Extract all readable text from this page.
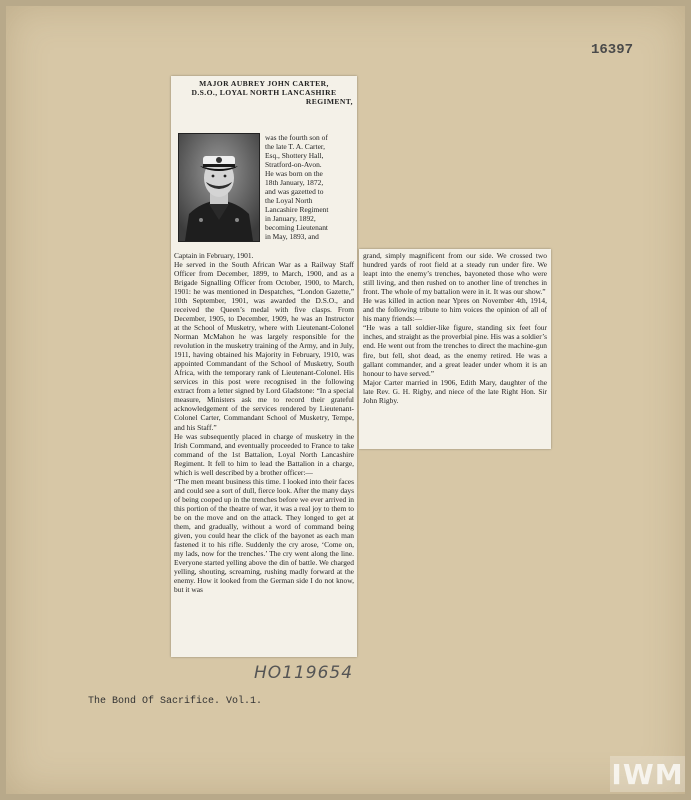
16397
MAJOR AUBREY JOHN CARTER,
D.S.O., LOYAL NORTH LANCASHIRE
REGIMENT,
was the fourth son of
the late T. A. Carter,
Esq., Shottery Hall,
Stratford-on-Avon.
He was born on the
18th January, 1872,
and was gazetted to
the Loyal North
Lancashire Regiment
in January, 1892,
becoming Lieutenant
in May, 1893, and

Captain in February, 1901.
He served in the South African War as a Railway Staff Officer from December, 1899, to March, 1900, and as a Brigade Signalling Officer from October, 1900, to March, 1901: he was mentioned in Despatches, “London Gazette,” 10th September, 1901, was awarded the D.S.O., and received the Queen’s medal with five clasps. From December, 1905, to December, 1909, he was an Instructor at the School of Musketry, where with Lieutenant-Colonel Norman McMahon he was largely responsible for the revolution in the musketry training of the Army, and in July, 1911, having obtained his Majority in February, 1910, was appointed Commandant of the School of Musketry, South Africa, with the temporary rank of Lieutenant-Colonel. His services in this post were recognised in the following extract from a letter signed by Lord Gladstone: “In a special measure, Ministers ask me to record their grateful acknowledgement of the services rendered by Lieutenant-Colonel Carter, Commandant School of Musketry, Tempe, and his Staff.”
He was subsequently placed in charge of musketry in the Irish Command, and eventually proceeded to France to take command of the 1st Battalion, Loyal North Lancashire Regiment. It fell to him to lead the Battalion in a charge, which is well described by a brother officer:—
“The men meant business this time. I looked into their faces and could see a sort of dull, fierce look. After the many days of being cooped up in the trenches before we ever arrived in this portion of the theatre of war, it was a real joy to them to be on the move and on the attack. They longed to get at them, and gradually, without a word of command being given, you could hear the click of the bayonet as each man fastened it to his rifle. Suddenly the cry arose, ‘Come on, my lads, now for the trenches.’ The cry went along the line. Everyone started yelling above the din of battle. We charged yelling, shouting, screaming, rushing madly forward at the enemy. How it looked from the German side I do not know, but it was

grand, simply magnificent from our side. We crossed two hundred yards of root field at a steady run under fire. We leapt into the enemy’s trenches, bayoneted those who were still living, and then rushed on to another line of trenches in front. The whole of my battalion were in it. It was our show.”
He was killed in action near Ypres on November 4th, 1914, and the following tribute to him voices the opinion of all of his many friends:—
“He was a tall soldier-like figure, standing six feet four inches, and straight as the proverbial pine. His was a soldier’s end. He went out from the trenches to direct the machine-gun fire, but fell, shot dead, as the enemy retired. He was a gallant commander, and a great leader under whom it is an honour to have served.”
Major Carter married in 1906, Edith Mary, daughter of the late Rev. G. H. Rigby, and niece of the late Right Hon. Sir John Rigby.

HO119654
The Bond Of Sacrifice. Vol.1.
IWM
